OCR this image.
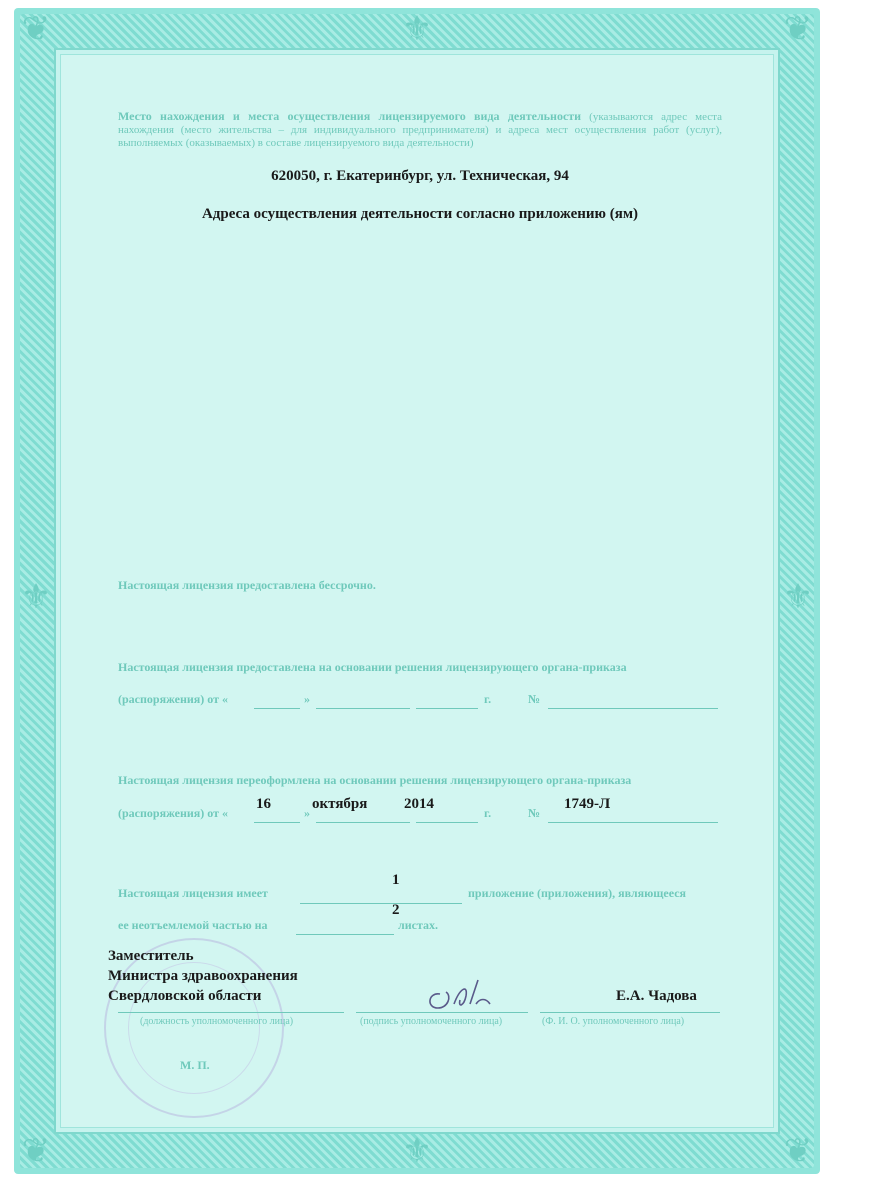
❦	❦
❦	❦
⚜	⚜
⚜
⚜
Место нахождения и места осуществления лицензируемого вида деятельности (указываются адрес места нахождения (место жительства – для индивидуального предпринимателя) и адреса мест осуществления работ (услуг), выполняемых (оказываемых) в составе лицензируемого вида деятельности)
620050, г. Екатеринбург, ул. Техническая, 94
Адреса осуществления деятельности согласно приложению (ям)
Настоящая лицензия предоставлена бессрочно.
Настоящая лицензия предоставлена на основании решения лицензирующего органа-приказа
(распоряжения) от «	»	г.	№
Настоящая лицензия переоформлена на основании решения лицензирующего органа-приказа
(распоряжения) от «
16
»
октября 2014
г.	№
1749-Л
Настоящая лицензия имеет
1
приложение (приложения), являющееся
ее неотъемлемой частью на
2
листах.
Заместитель
Министра здравоохранения
Свердловской области	Е.А. Чадова
(должность уполномоченного лица)	(подпись уполномоченного лица)	(Ф. И. О. уполномоченного лица)
М. П.
